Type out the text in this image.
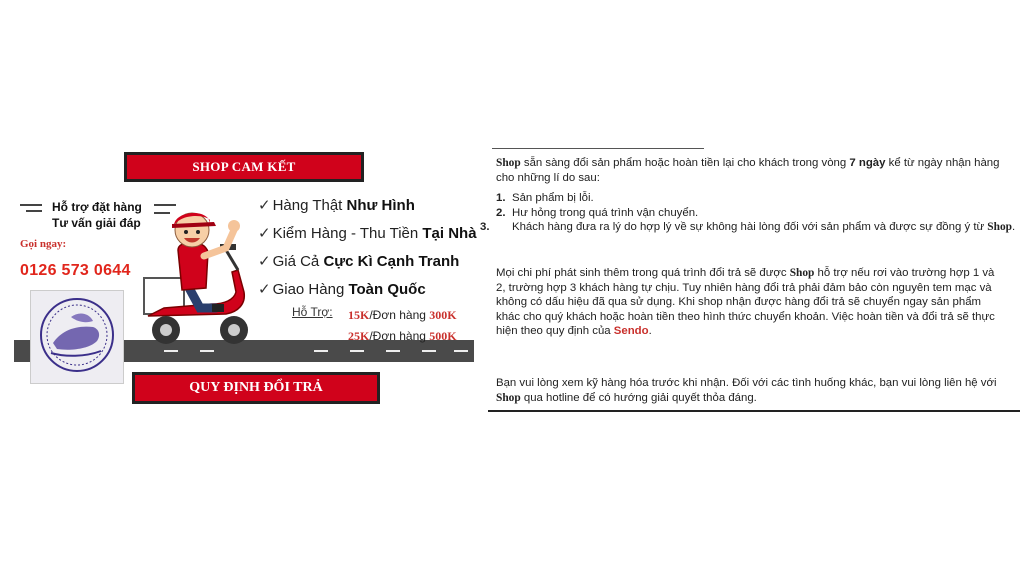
SHOP CAM KẾT
Hỗ trợ đặt hàng
Tư vấn giải đáp
Gọi ngay:
0126 573 0644
✓ Hàng Thật Như Hình
✓ Kiểm Hàng - Thu Tiền Tại Nhà
✓ Giá Cả Cực Kì Cạnh Tranh
✓ Giao Hàng Toàn Quốc
Hỗ Trợ: 15K/Đơn hàng 300K
25K/Đơn hàng 500K
QUY ĐỊNH ĐỔI TRẢ
Shop sẵn sàng đổi sản phẩm hoặc hoàn tiền lại cho khách trong vòng 7 ngày kể từ ngày nhận hàng cho những lí do sau:
1. Sản phẩm bị lỗi.
2. Hư hỏng trong quá trình vận chuyển.
3. Khách hàng đưa ra lý do hợp lý về sự không hài lòng đối với sản phẩm và được sự đồng ý từ Shop.
Mọi chi phí phát sinh thêm trong quá trình đổi trả sẽ được Shop hỗ trợ nếu rơi vào trường hợp 1 và 2, trường hợp 3 khách hàng tự chịu. Tuy nhiên hàng đổi trả phải đảm bảo còn nguyên tem mạc và không có dấu hiệu đã qua sử dụng. Khi shop nhận được hàng đổi trả sẽ chuyển ngay sản phẩm khác cho quý khách hoặc hoàn tiền theo hình thức chuyển khoản. Việc hoàn tiền và đổi trả sẽ thực hiện theo quy định của Sendo.
Bạn vui lòng xem kỹ hàng hóa trước khi nhận. Đối với các tình huống khác, bạn vui lòng liên hệ với Shop qua hotline để có hướng giải quyết thỏa đáng.
